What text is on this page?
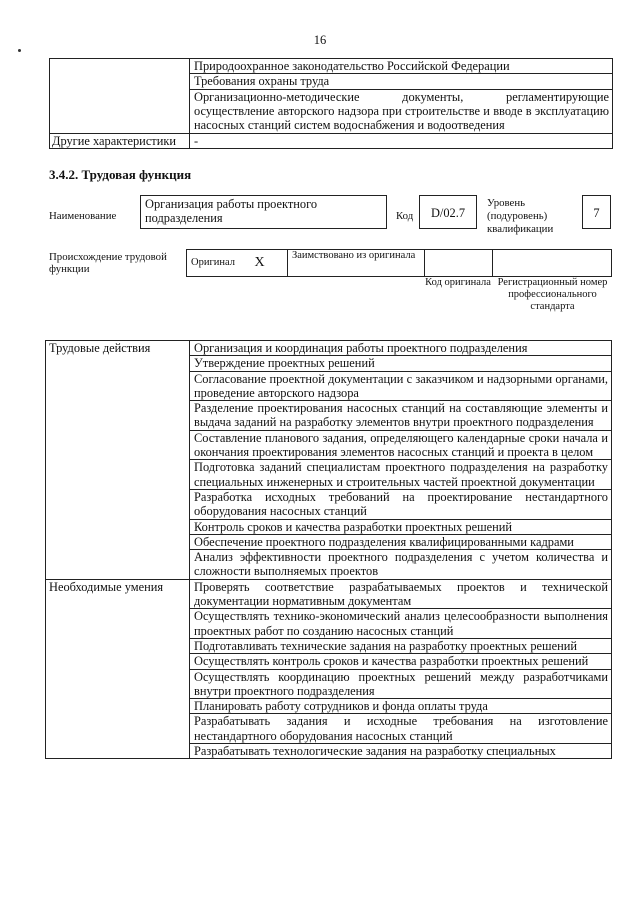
16
	Природоохранное законодательство Российской Федерации
	Требования охраны труда
	Организационно-методические документы, регламентирующие осуществление авторского надзора при строительстве и вводе в эксплуатацию насосных станций систем водоснабжения и водоотведения
Другие характеристики	-
3.4.2. Трудовая функция
Наименование
Организация работы проектного подразделения	Код	D/02.7
Уровень (подуровень) квалификации
7
Происхождение трудовой функции
Оригинал	X	Заимствовано из оригинала		
Код оригинала Регистрационный номер профессионального стандарта
Трудовые действия	Организация и координация работы проектного подразделения
	Утверждение проектных решений
	Согласование проектной документации с заказчиком и надзорными органами, проведение авторского надзора
	Разделение проектирования насосных станций на составляющие элементы и выдача заданий на разработку элементов внутри проектного подразделения
	Составление планового задания, определяющего календарные сроки начала и окончания проектирования элементов насосных станций и проекта в целом
	Подготовка заданий специалистам проектного подразделения на разработку специальных инженерных и строительных частей проектной документации
	Разработка исходных требований на проектирование нестандартного оборудования насосных станций
	Контроль сроков и качества разработки проектных решений
	Обеспечение проектного подразделения квалифицированными кадрами
	Анализ эффективности проектного подразделения с учетом количества и сложности выполняемых проектов
Необходимые умения	Проверять соответствие разрабатываемых проектов и технической документации нормативным документам
	Осуществлять технико-экономический анализ целесообразности выполнения проектных работ по созданию насосных станций
	Подготавливать технические задания на разработку проектных решений
	Осуществлять контроль сроков и качества разработки проектных решений
	Осуществлять координацию проектных решений между разработчиками внутри проектного подразделения
	Планировать работу сотрудников и фонда оплаты труда
	Разрабатывать задания и исходные требования на изготовление нестандартного оборудования насосных станций
	Разрабатывать технологические задания на разработку специальных
